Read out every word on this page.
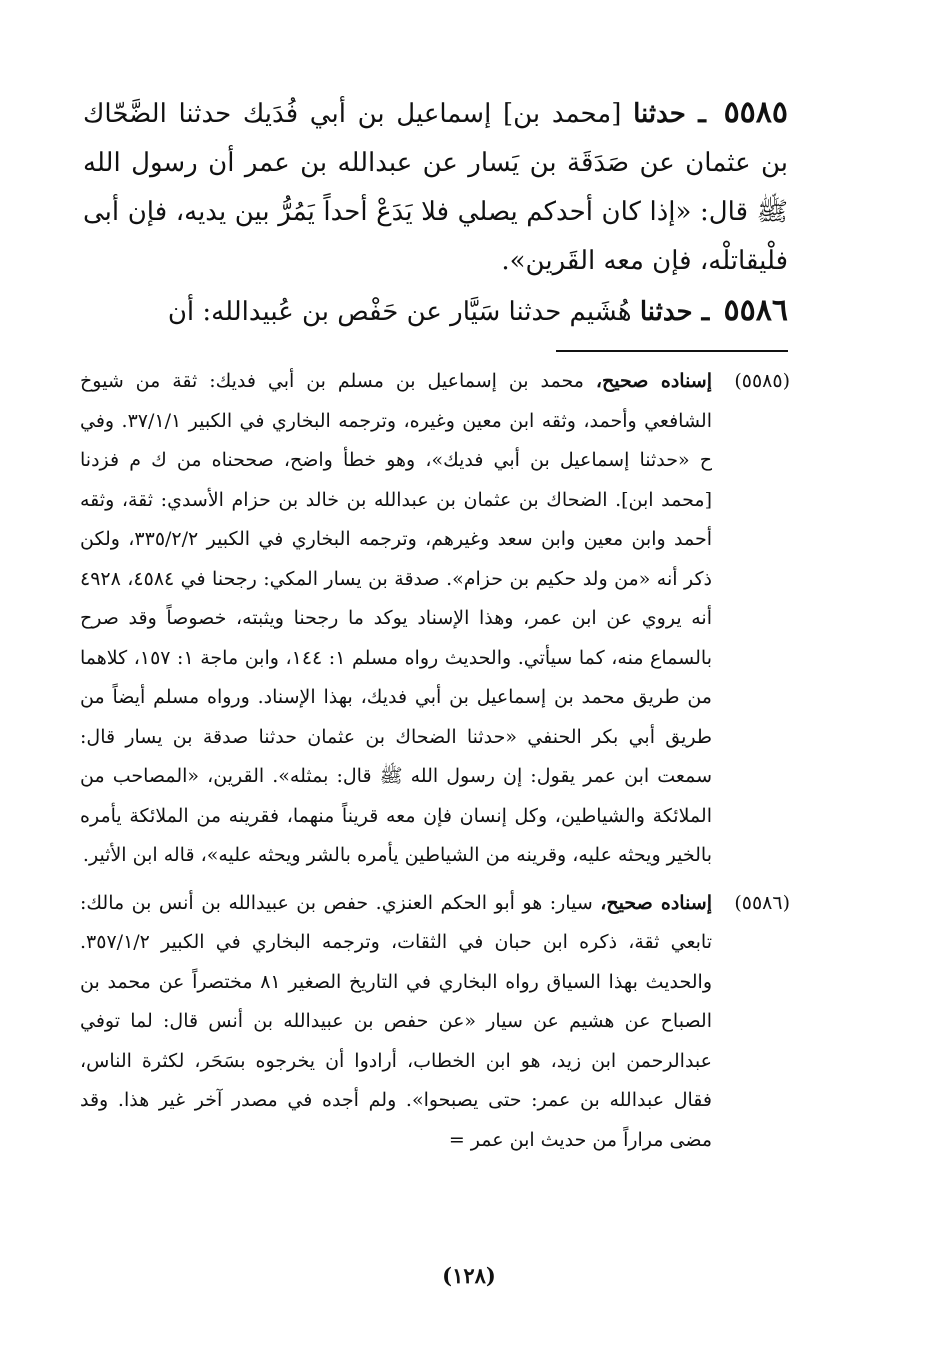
٥٥٨٥ ـ حدثنا [محمد بن] إسماعيل بن أبي فُدَيك حدثنا الضَّحّاك بن عثمان عن صَدَقَة بن يَسار عن عبدالله بن عمر أن رسول الله ﷺ قال: «إذا كان أحدكم يصلي فلا يَدَعْ أحداً يَمُرُّ بين يديه، فإن أبى فلْيقاتلْه، فإن معه القَرين».

٥٥٨٦ ـ حدثنا هُشَيم حدثنا سَيَّار عن حَفْص بن عُبيدالله: أن

(٥٥٨٥)
إسناده صحيح، محمد بن إسماعيل بن مسلم بن أبي فديك: ثقة من شيوخ الشافعي وأحمد، وثقه ابن معين وغيره، وترجمه البخاري في الكبير ٣٧/١/١. وفي ح «حدثنا إسماعيل بن أبي فديك»، وهو خطأ واضح، صححناه من ك م فزدنا [محمد ابن]. الضحاك بن عثمان بن عبدالله بن خالد بن حزام الأسدي: ثقة، وثقه أحمد وابن معين وابن سعد وغيرهم، وترجمه البخاري في الكبير ٣٣٥/٢/٢، ولكن ذكر أنه «من ولد حكيم بن حزام». صدقة بن يسار المكي: رجحنا في ٤٥٨٤، ٤٩٢٨ أنه يروي عن ابن عمر، وهذا الإسناد يوكد ما رجحنا ويثبته، خصوصاً وقد صرح بالسماع منه، كما سيأتي. والحديث رواه مسلم ١: ١٤٤، وابن ماجة ١: ١٥٧، كلاهما من طريق محمد بن إسماعيل بن أبي فديك، بهذا الإسناد. ورواه مسلم أيضاً من طريق أبي بكر الحنفي «حدثنا الضحاك بن عثمان حدثنا صدقة بن يسار قال: سمعت ابن عمر يقول: إن رسول الله ﷺ قال: بمثله». القرين، «المصاحب من الملائكة والشياطين، وكل إنسان فإن معه قريناً منهما، فقرينه من الملائكة يأمره بالخير ويحثه عليه، وقرينه من الشياطين يأمره بالشر ويحثه عليه»، قاله ابن الأثير.
(٥٥٨٦)
إسناده صحيح، سيار: هو أبو الحكم العنزي. حفص بن عبيدالله بن أنس بن مالك: تابعي ثقة، ذكره ابن حبان في الثقات، وترجمه البخاري في الكبير ٣٥٧/١/٢. والحديث بهذا السياق رواه البخاري في التاريخ الصغير ٨١ مختصراً عن محمد بن الصباح عن هشيم عن سيار «عن حفص بن عبيدالله بن أنس قال: لما توفي عبدالرحمن ابن زيد، هو ابن الخطاب، أرادوا أن يخرجوه بسَحَر، لكثرة الناس، فقال عبدالله بن عمر: حتى يصبحوا». ولم أجده في مصدر آخر غير هذا. وقد مضى مراراً من حديث ابن عمر =
(١٢٨)
